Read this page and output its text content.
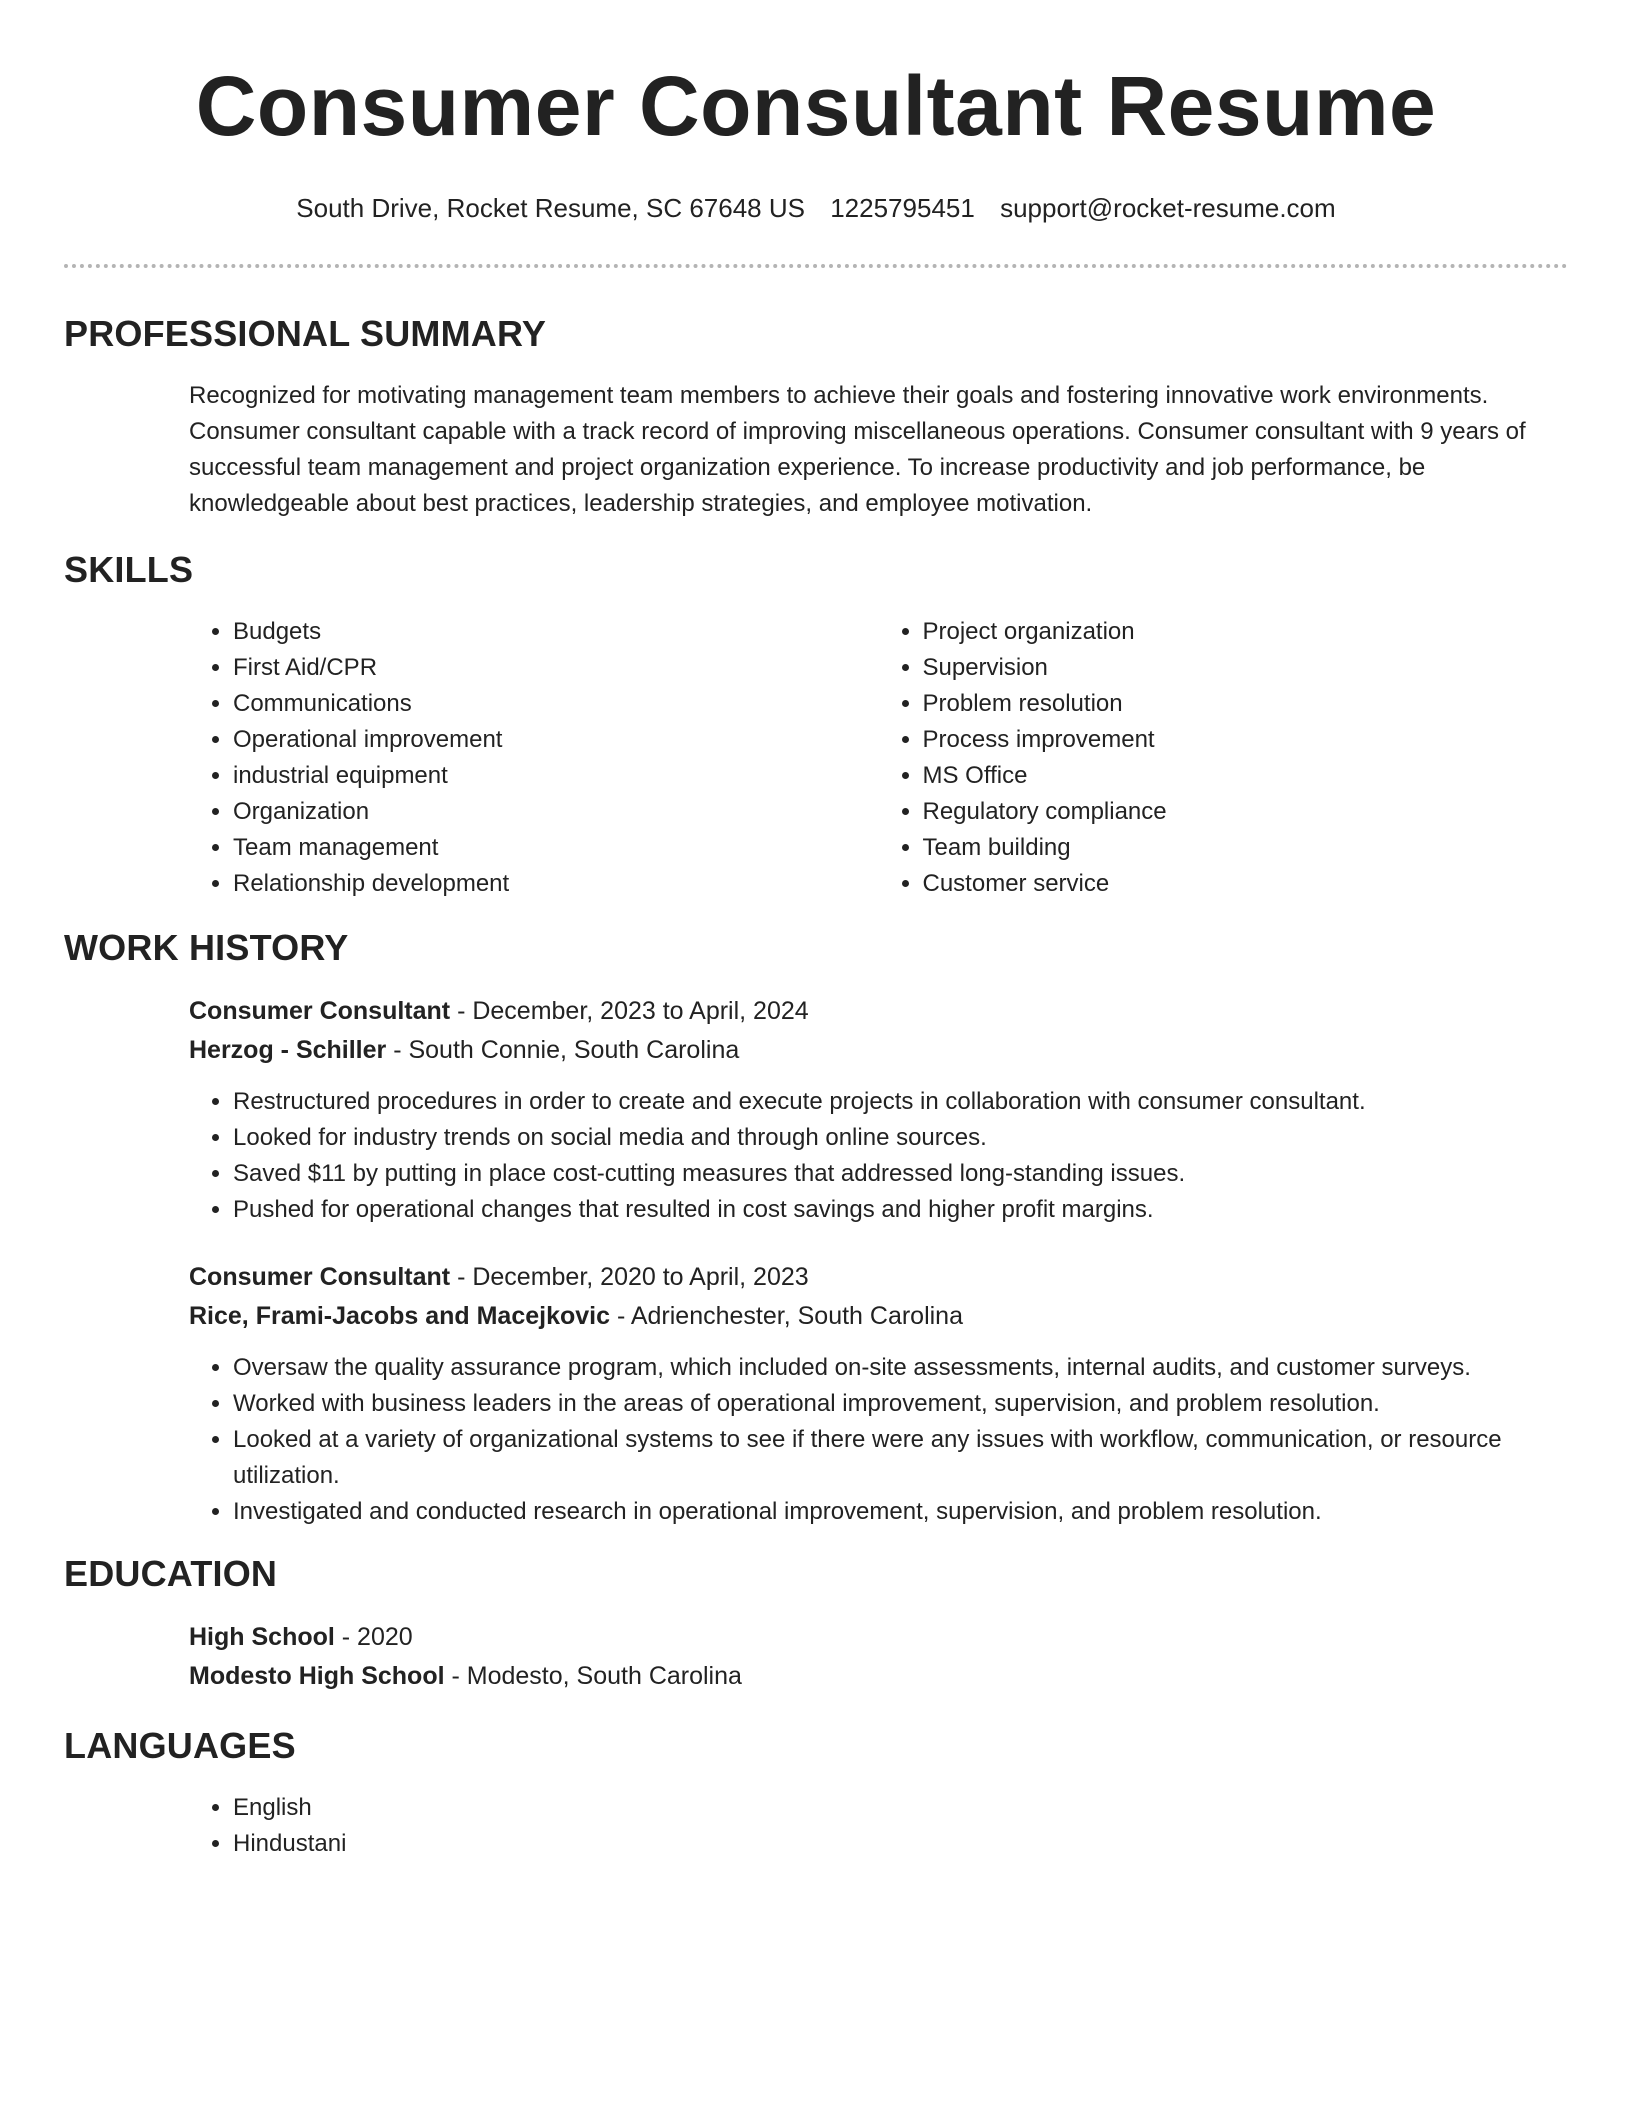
Consumer Consultant Resume
South Drive, Rocket Resume, SC 67648 US 1225795451 support@rocket-resume.com
PROFESSIONAL SUMMARY

Recognized for motivating management team members to achieve their goals and fostering innovative work environments. Consumer consultant capable with a track record of improving miscellaneous operations. Consumer consultant with 9 years of successful team management and project organization experience. To increase productivity and job performance, be knowledgeable about best practices, leadership strategies, and employee motivation.

SKILLS
• Budgets
• First Aid/CPR
• Communications
• Operational improvement
• industrial equipment
• Organization
• Team management
• Relationship development
• Project organization
• Supervision
• Problem resolution
• Process improvement
• MS Office
• Regulatory compliance
• Team building
• Customer service
WORK HISTORY
Consumer Consultant - December, 2023 to April, 2024
Herzog - Schiller - South Connie, South Carolina
• Restructured procedures in order to create and execute projects in collaboration with consumer consultant.
• Looked for industry trends on social media and through online sources.
• Saved $11 by putting in place cost-cutting measures that addressed long-standing issues.
• Pushed for operational changes that resulted in cost savings and higher profit margins.
Consumer Consultant - December, 2020 to April, 2023
Rice, Frami-Jacobs and Macejkovic - Adrienchester, South Carolina
• Oversaw the quality assurance program, which included on-site assessments, internal audits, and customer surveys.
• Worked with business leaders in the areas of operational improvement, supervision, and problem resolution.
• Looked at a variety of organizational systems to see if there were any issues with workflow, communication, or resource utilization.
• Investigated and conducted research in operational improvement, supervision, and problem resolution.
EDUCATION
High School - 2020
Modesto High School - Modesto, South Carolina
LANGUAGES
• English
• Hindustani
